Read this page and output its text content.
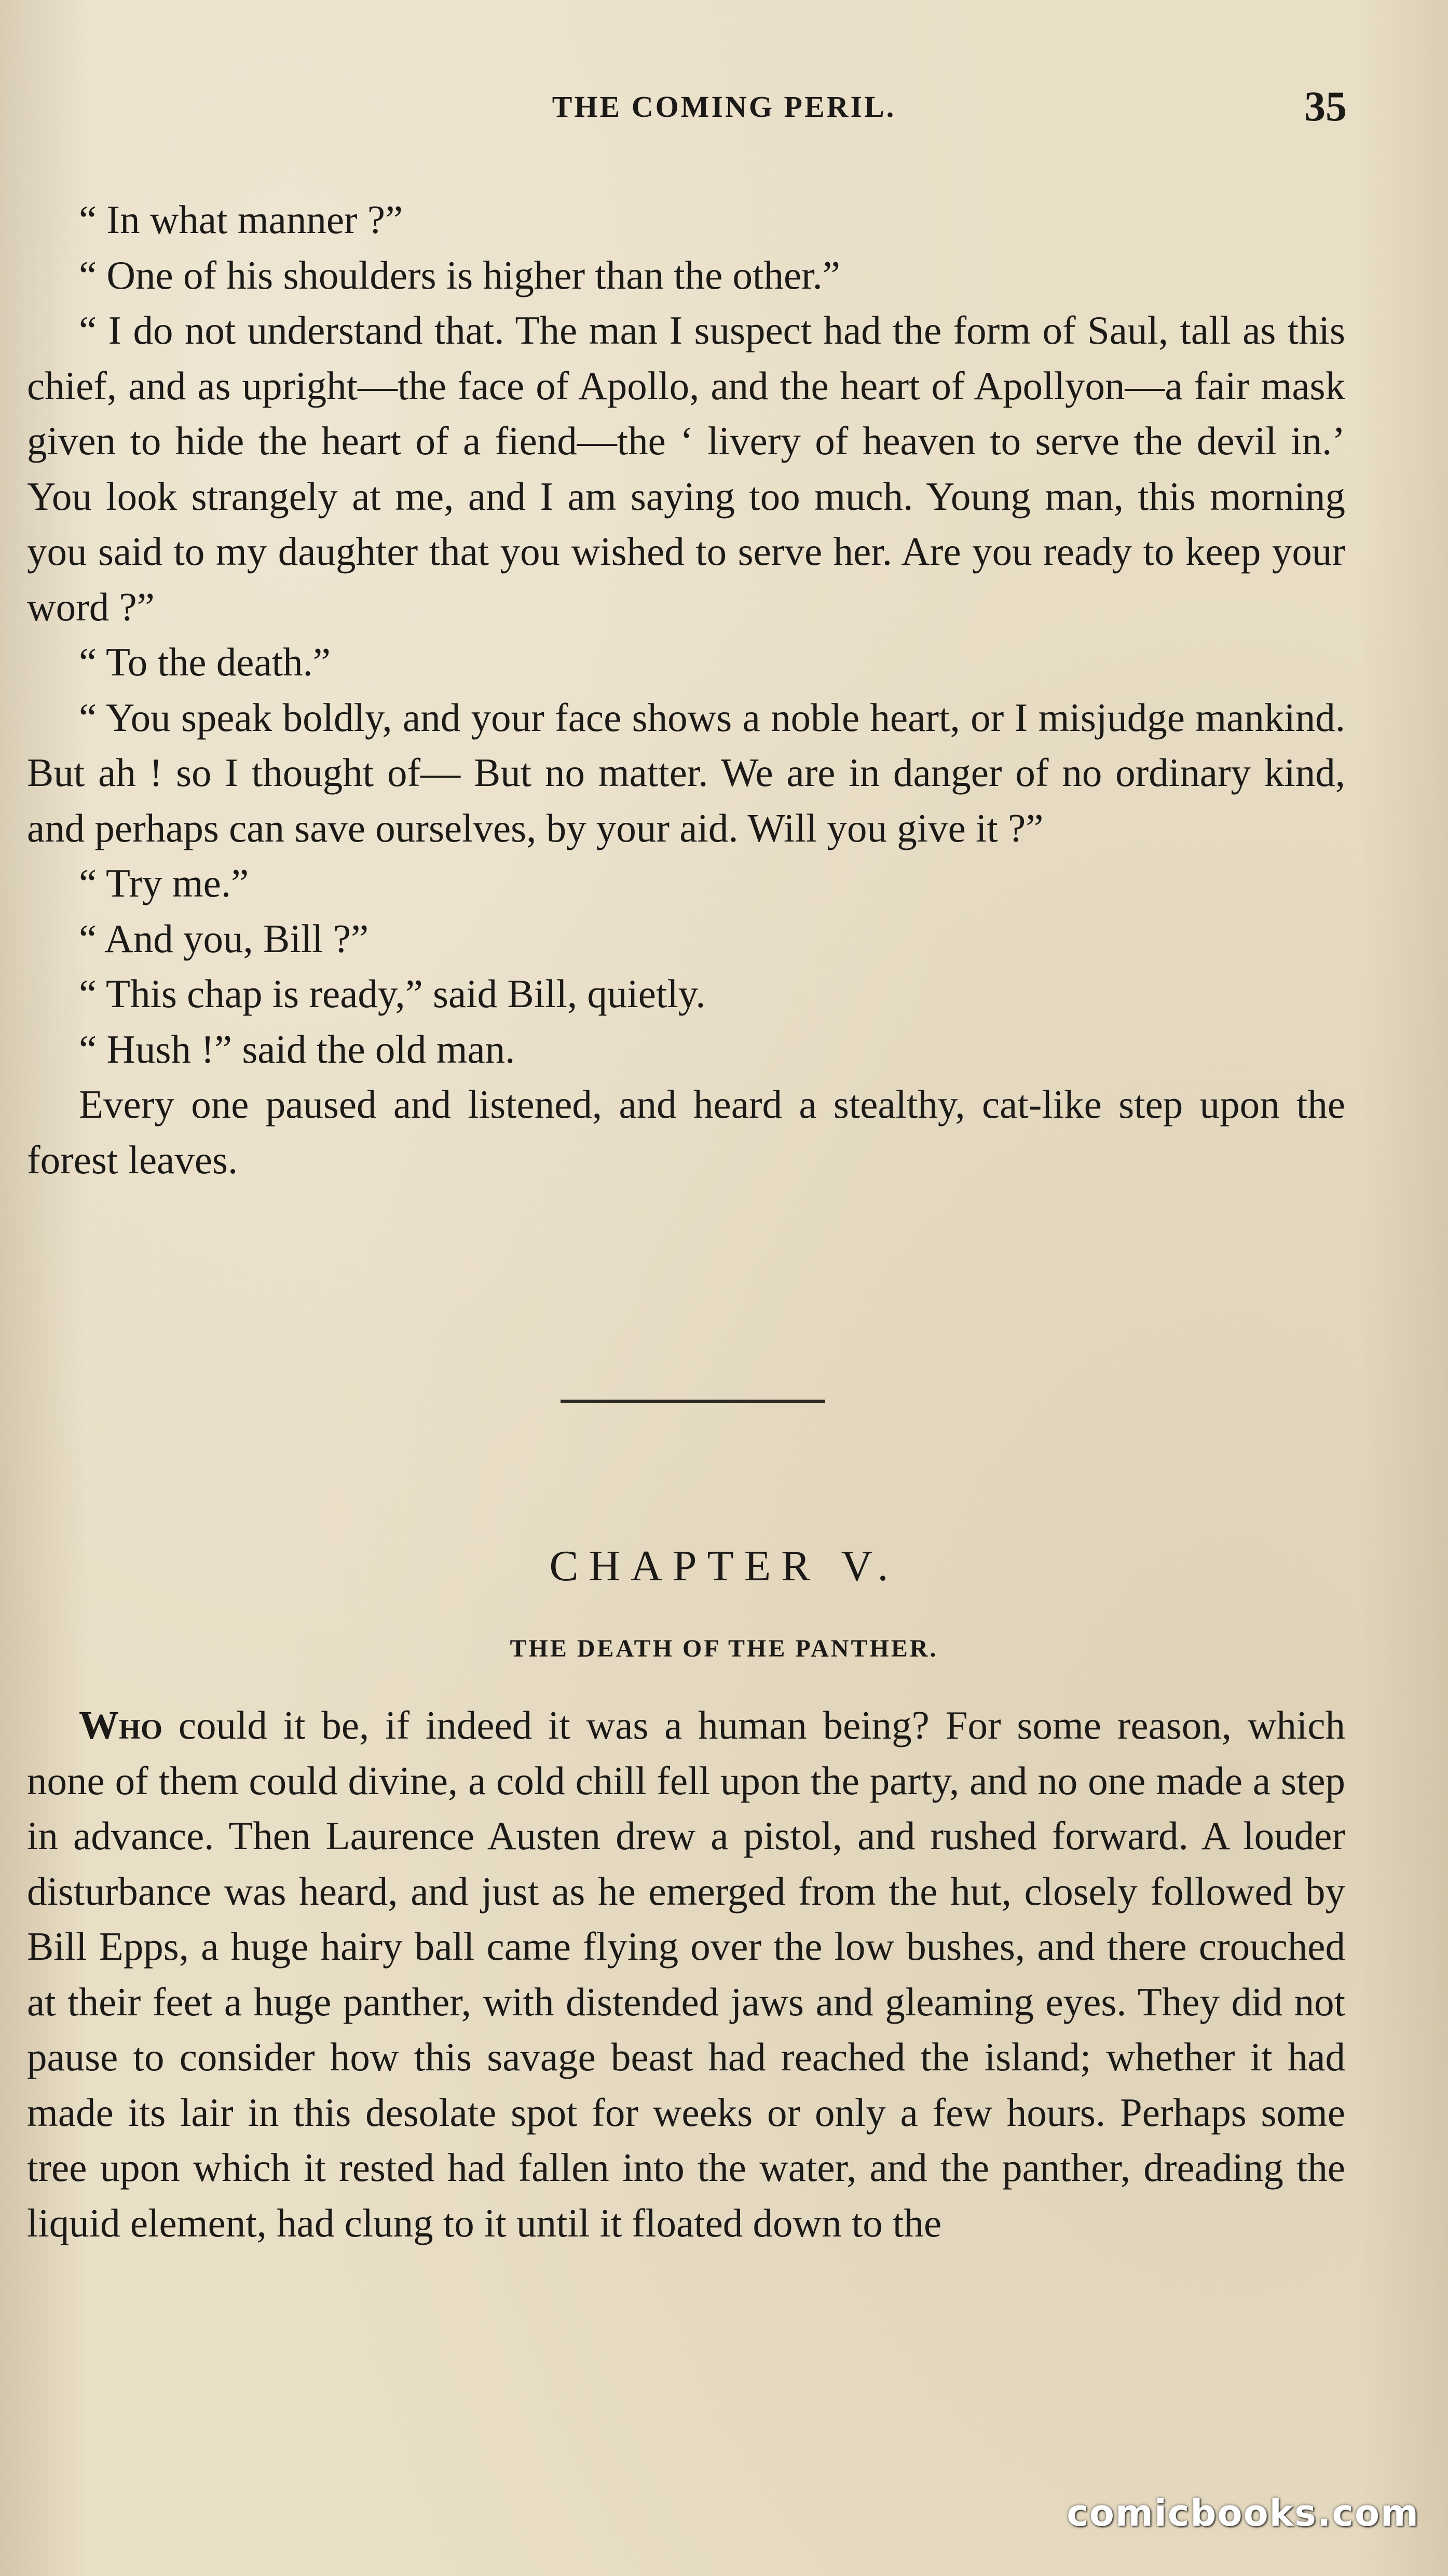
THE COMING PERIL.	35

“ In what manner ?”

“ One of his shoulders is higher than the other.”

“ I do not understand that. The man I suspect had the form of Saul, tall as this chief, and as upright—the face of Apollo, and the heart of Apollyon—a fair mask given to hide the heart of a fiend—the ‘ livery of heaven to serve the devil in.’ You look strangely at me, and I am saying too much. Young man, this morning you said to my daughter that you wished to serve her. Are you ready to keep your word ?”

“ To the death.”

“ You speak boldly, and your face shows a noble heart, or I misjudge mankind. But ah ! so I thought of— But no matter. We are in danger of no ordinary kind, and perhaps can save ourselves, by your aid. Will you give it ?”

“ Try me.”

“ And you, Bill ?”

“ This chap is ready,” said Bill, quietly.

“ Hush !” said the old man.

Every one paused and listened, and heard a stealthy, cat-like step upon the forest leaves.

CHAPTER V.
THE DEATH OF THE PANTHER.

Who could it be, if indeed it was a human being? For some reason, which none of them could divine, a cold chill fell upon the party, and no one made a step in advance. Then Laurence Austen drew a pistol, and rushed forward. A louder disturbance was heard, and just as he emerged from the hut, closely followed by Bill Epps, a huge hairy ball came flying over the low bushes, and there crouched at their feet a huge panther, with distended jaws and gleaming eyes. They did not pause to consider how this savage beast had reached the island; whether it had made its lair in this desolate spot for weeks or only a few hours. Perhaps some tree upon which it rested had fallen into the water, and the panther, dreading the liquid element, had clung to it until it floated down to the

comicbooks.com
